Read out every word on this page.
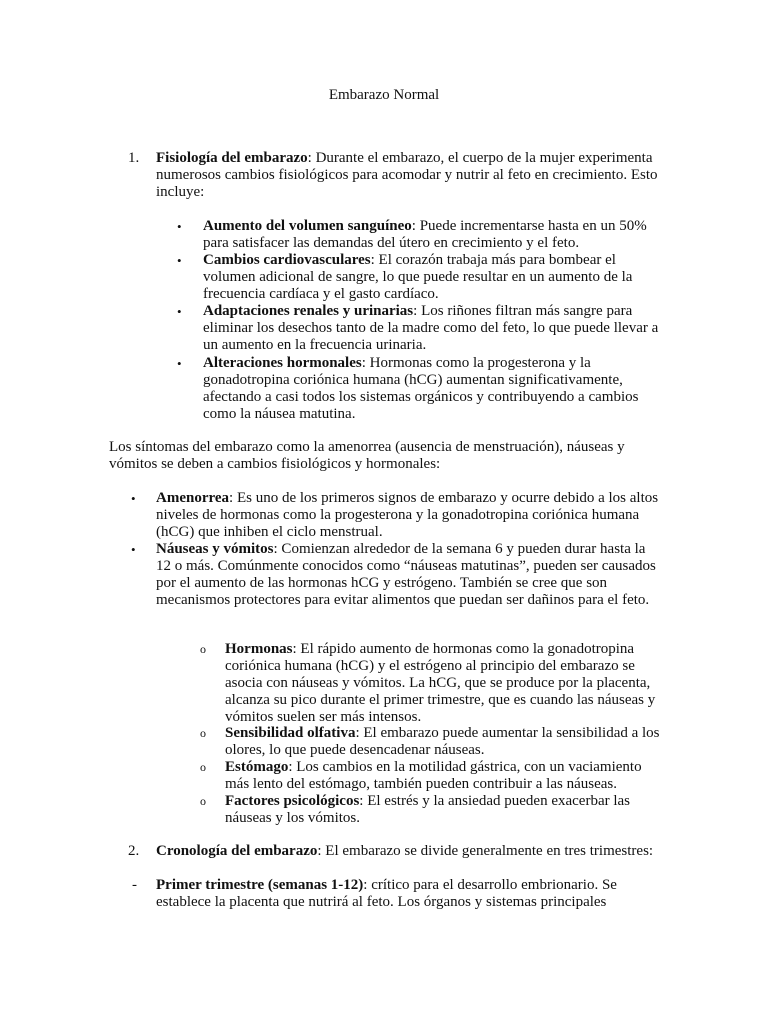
Embarazo Normal
1. Fisiología del embarazo: Durante el embarazo, el cuerpo de la mujer experimenta numerosos cambios fisiológicos para acomodar y nutrir al feto en crecimiento. Esto incluye:
• Aumento del volumen sanguíneo: Puede incrementarse hasta en un 50% para satisfacer las demandas del útero en crecimiento y el feto.
• Cambios cardiovasculares: El corazón trabaja más para bombear el volumen adicional de sangre, lo que puede resultar en un aumento de la frecuencia cardíaca y el gasto cardíaco.
• Adaptaciones renales y urinarias: Los riñones filtran más sangre para eliminar los desechos tanto de la madre como del feto, lo que puede llevar a un aumento en la frecuencia urinaria.
• Alteraciones hormonales: Hormonas como la progesterona y la gonadotropina coriónica humana (hCG) aumentan significativamente, afectando a casi todos los sistemas orgánicos y contribuyendo a cambios como la náusea matutina.
Los síntomas del embarazo como la amenorrea (ausencia de menstruación), náuseas y vómitos se deben a cambios fisiológicos y hormonales:
• Amenorrea: Es uno de los primeros signos de embarazo y ocurre debido a los altos niveles de hormonas como la progesterona y la gonadotropina coriónica humana (hCG) que inhiben el ciclo menstrual.
• Náuseas y vómitos: Comienzan alrededor de la semana 6 y pueden durar hasta la 12 o más. Comúnmente conocidos como “náuseas matutinas”, pueden ser causados por el aumento de las hormonas hCG y estrógeno. También se cree que son mecanismos protectores para evitar alimentos que puedan ser dañinos para el feto.
o Hormonas: El rápido aumento de hormonas como la gonadotropina coriónica humana (hCG) y el estrógeno al principio del embarazo se asocia con náuseas y vómitos. La hCG, que se produce por la placenta, alcanza su pico durante el primer trimestre, que es cuando las náuseas y vómitos suelen ser más intensos.
o Sensibilidad olfativa: El embarazo puede aumentar la sensibilidad a los olores, lo que puede desencadenar náuseas.
o Estómago: Los cambios en la motilidad gástrica, con un vaciamiento más lento del estómago, también pueden contribuir a las náuseas.
o Factores psicológicos: El estrés y la ansiedad pueden exacerbar las náuseas y los vómitos.
2. Cronología del embarazo: El embarazo se divide generalmente en tres trimestres:
- Primer trimestre (semanas 1-12): crítico para el desarrollo embrionario. Se establece la placenta que nutrirá al feto. Los órganos y sistemas principales
